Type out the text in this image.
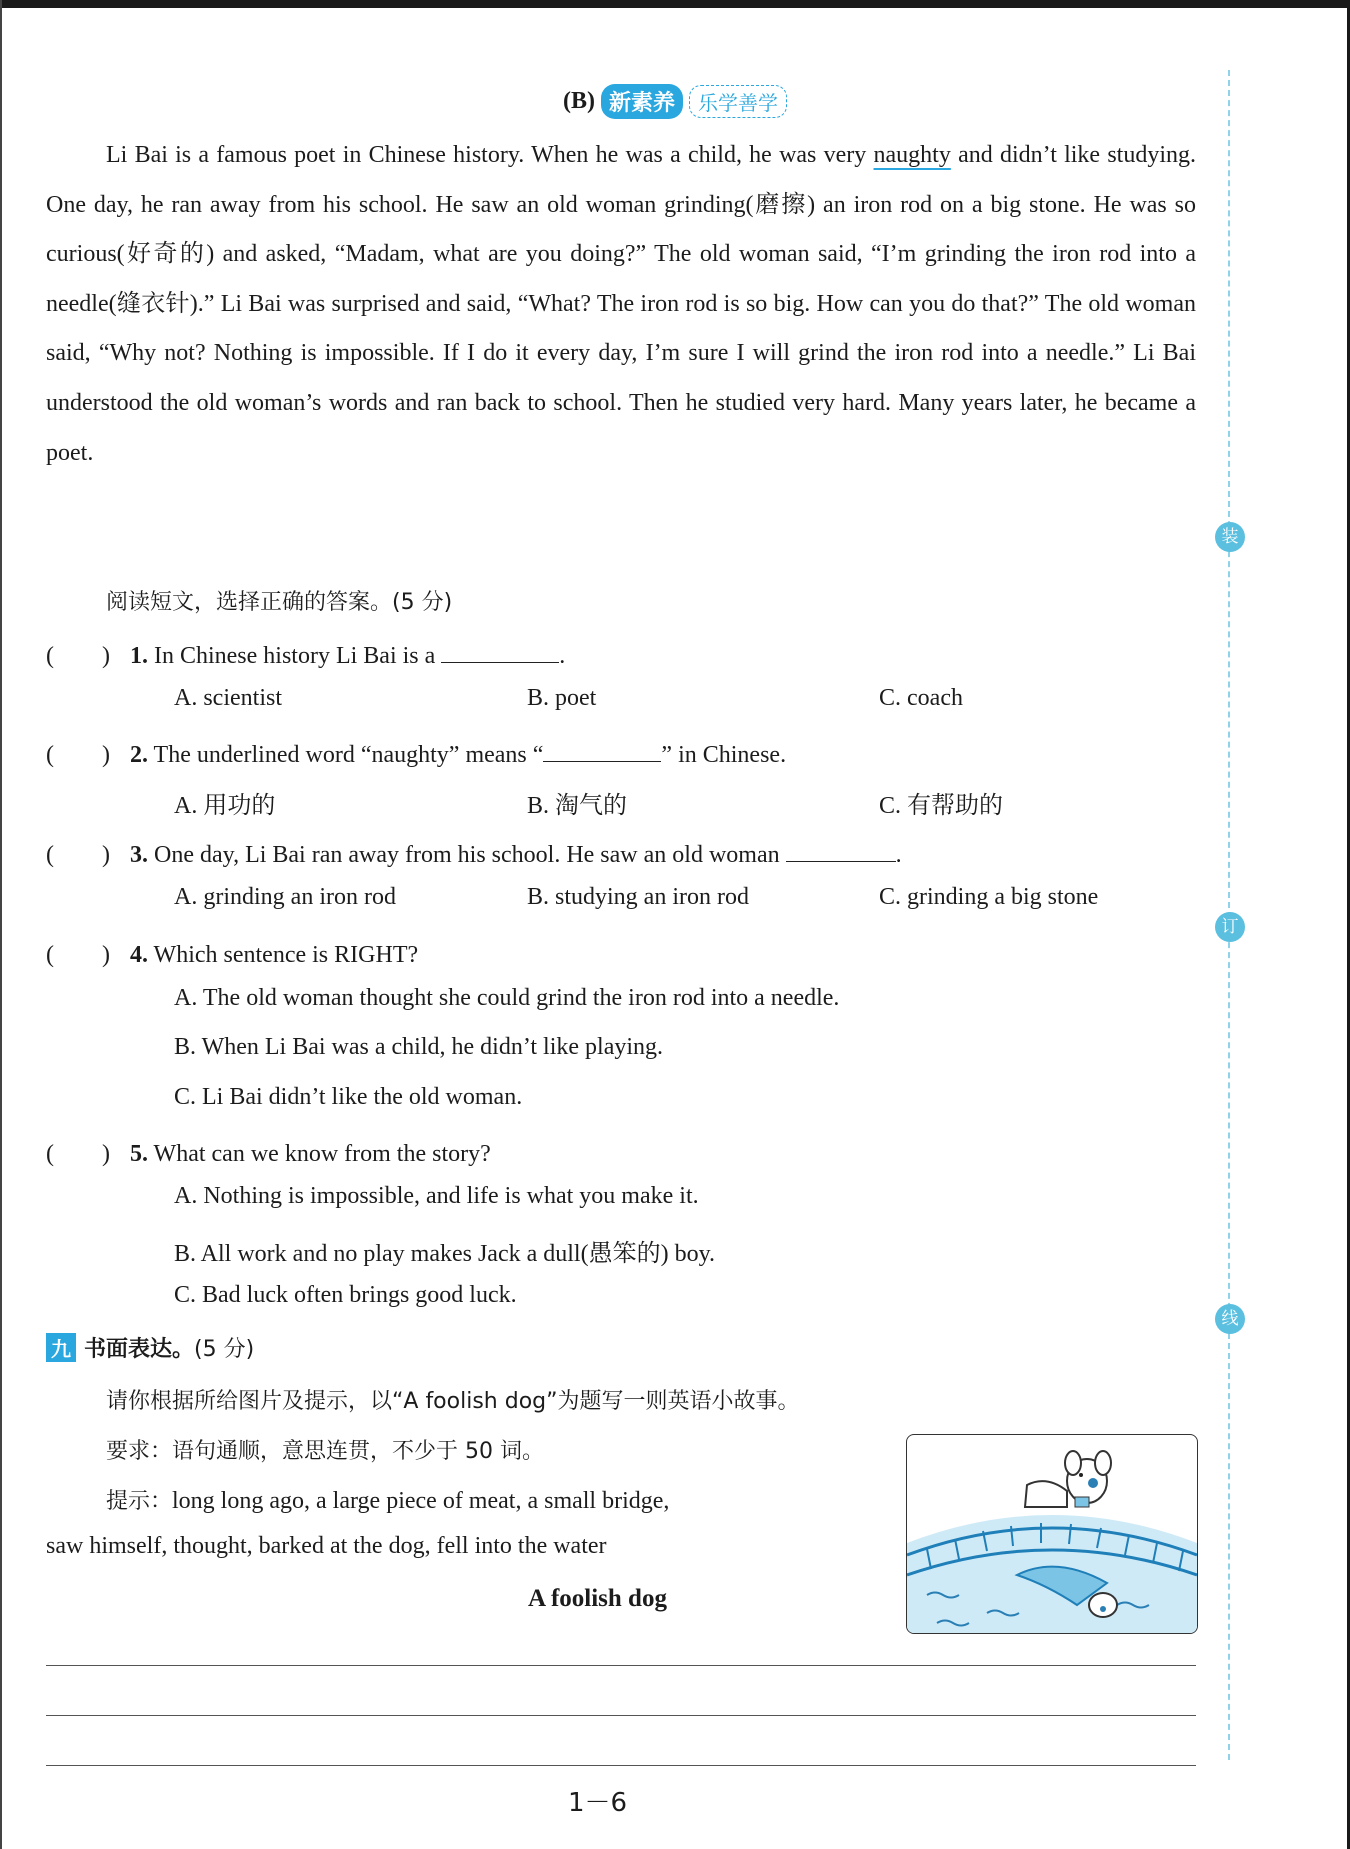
装
订
线
(B) 新素养	乐学善学
Li Bai is a famous poet in Chinese history. When he was a child, he was very naughty and didn’t like studying. One day, he ran away from his school. He saw an old woman grinding(磨擦) an iron rod on a big stone. He was so curious(好奇的) and asked, “Madam, what are you doing?” The old woman said, “I’m grinding the iron rod into a needle(缝衣针).” Li Bai was surprised and said, “What? The iron rod is so big. How can you do that?” The old woman said, “Why not? Nothing is impossible. If I do it every day, I’m sure I will grind the iron rod into a needle.” Li Bai understood the old woman’s words and ran back to school. Then he studied very hard. Many years later, he became a poet.
阅读短文，选择正确的答案。(5 分)
(　　) 1. In Chinese history Li Bai is a	.
A. scientist	B. poet	C. coach
(　　) 2. The underlined word “naughty” means “	” in Chinese.
A. 用功的	B. 淘气的	C. 有帮助的
(　　) 3. One day, Li Bai ran away from his school. He saw an old woman	.
A. grinding an iron rod	B. studying an iron rod	C. grinding a big stone
(　　) 4. Which sentence is RIGHT?
A. The old woman thought she could grind the iron rod into a needle.
B. When Li Bai was a child, he didn’t like playing.
C. Li Bai didn’t like the old woman.
(　　) 5. What can we know from the story?
A. Nothing is impossible, and life is what you make it.
B. All work and no play makes Jack a dull(愚笨的) boy.
C. Bad luck often brings good luck.
九 书面表达。(5 分)
请你根据所给图片及提示，以“A foolish dog”为题写一则英语小故事。
要求：语句通顺，意思连贯，不少于 50 词。
提示：long long ago, a large piece of meat, a small bridge,
saw himself, thought, barked at the dog, fell into the water
A foolish dog
1－6
